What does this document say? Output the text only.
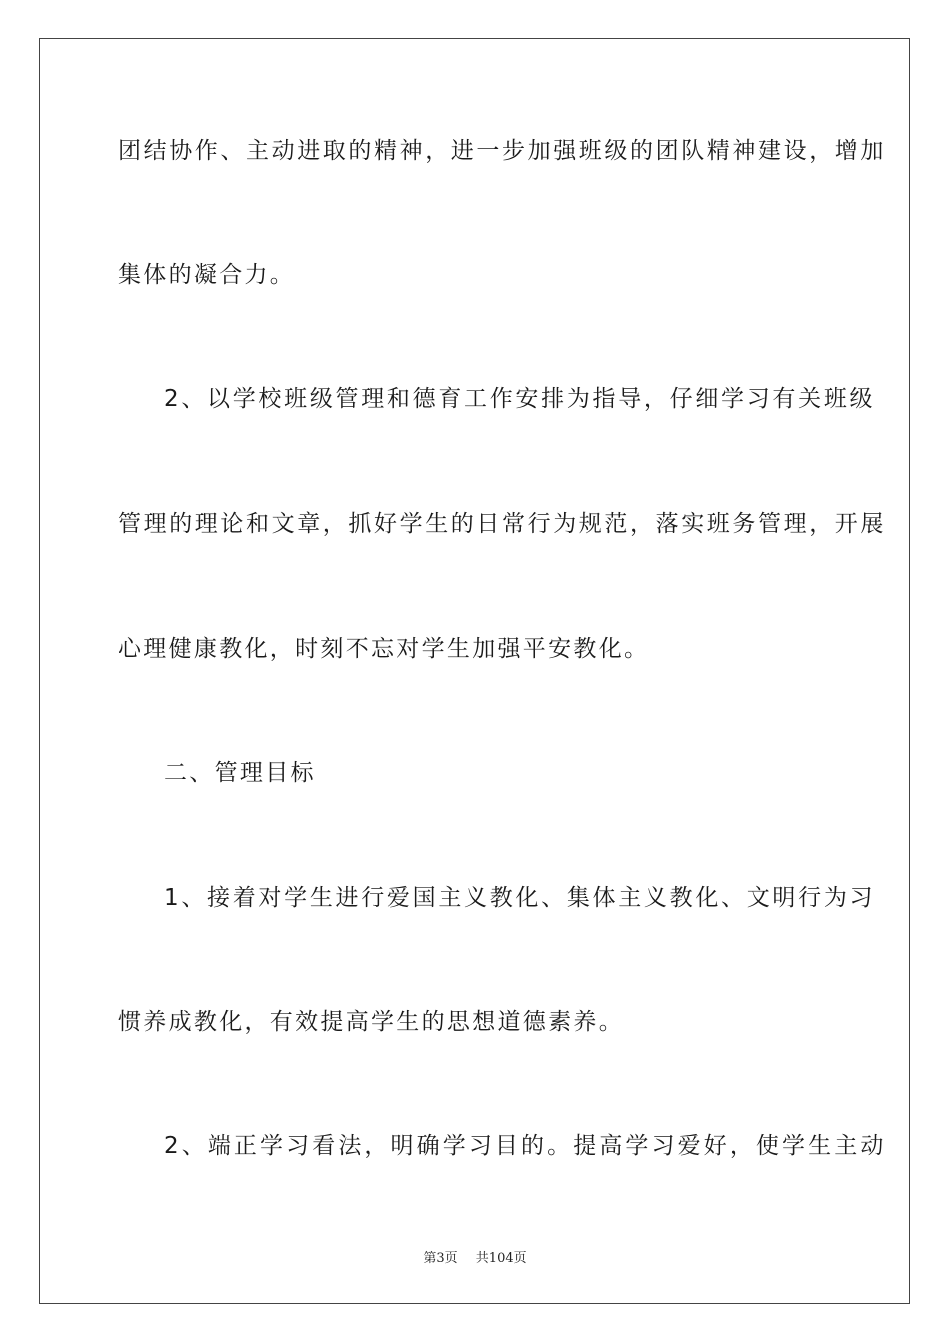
团结协作、主动进取的精神，进一步加强班级的团队精神建设，增加
集体的凝合力。
2、以学校班级管理和德育工作安排为指导，仔细学习有关班级
管理的理论和文章，抓好学生的日常行为规范，落实班务管理，开展
心理健康教化，时刻不忘对学生加强平安教化。
二、管理目标
1、接着对学生进行爱国主义教化、集体主义教化、文明行为习
惯养成教化，有效提高学生的思想道德素养。
2、端正学习看法，明确学习目的。提高学习爱好，使学生主动
第3页 共104页
